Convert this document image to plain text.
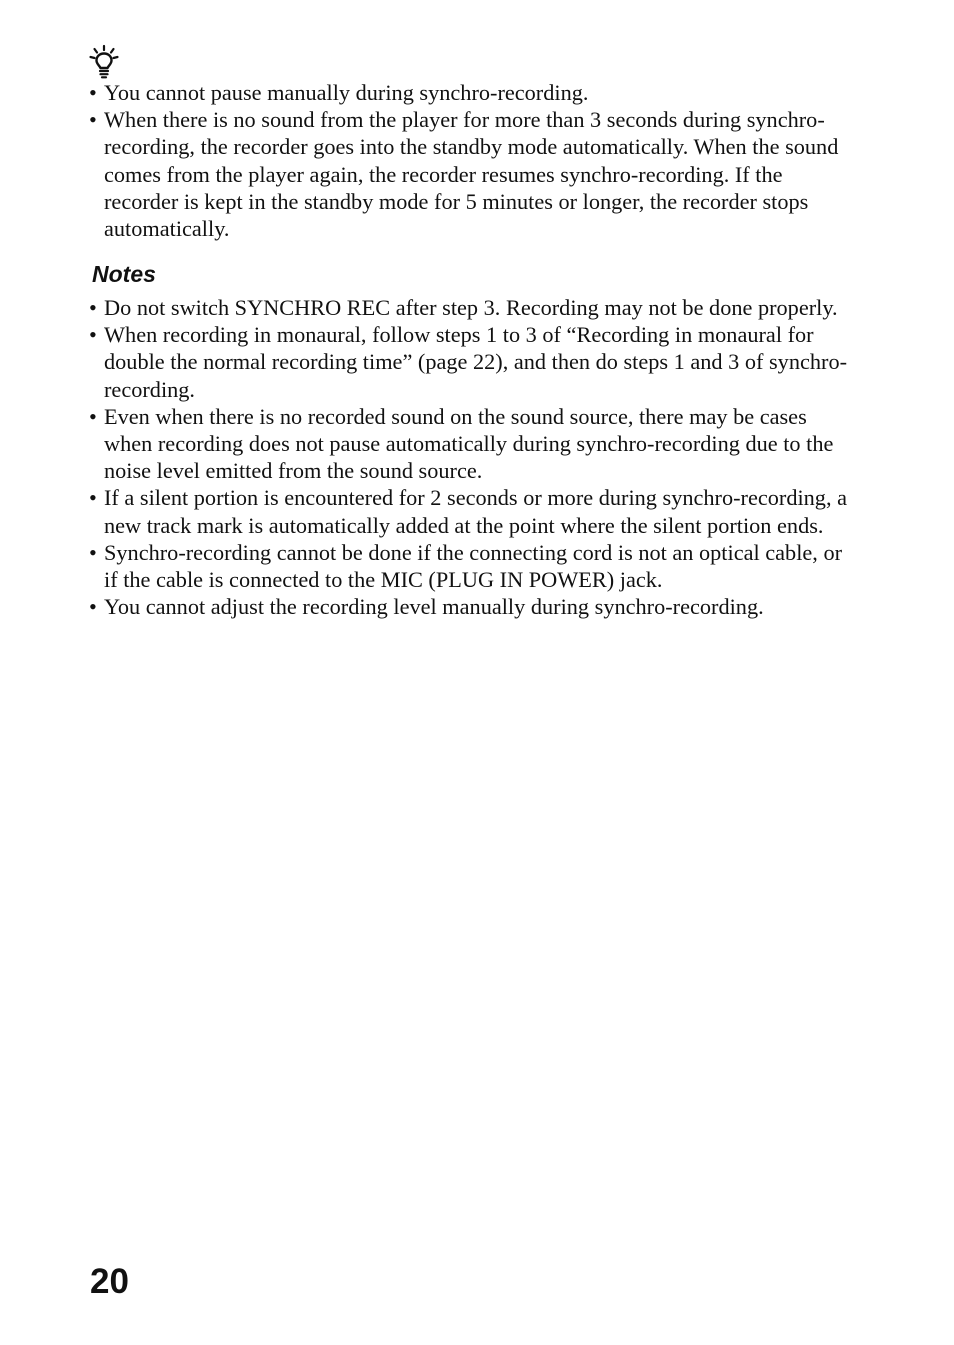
• You cannot pause manually during synchro-recording.
• When there is no sound from the player for more than 3 seconds during synchro-recording, the recorder goes into the standby mode automatically. When the sound comes from the player again, the recorder resumes synchro-recording. If the recorder is kept in the standby mode for 5 minutes or longer, the recorder stops automatically.
Notes
• Do not switch SYNCHRO REC after step 3. Recording may not be done properly.
• When recording in monaural, follow steps 1 to 3 of “Recording in monaural for double the normal recording time” (page 22), and then do steps 1 and 3 of synchro-recording.
• Even when there is no recorded sound on the sound source, there may be cases when recording does not pause automatically during synchro-recording due to the noise level emitted from the sound source.
• If a silent portion is encountered for 2 seconds or more during synchro-recording, a new track mark is automatically added at the point where the silent portion ends.
• Synchro-recording cannot be done if the connecting cord is not an optical cable, or if the cable is connected to the MIC (PLUG IN POWER) jack.
• You cannot adjust the recording level manually during synchro-recording.
20
